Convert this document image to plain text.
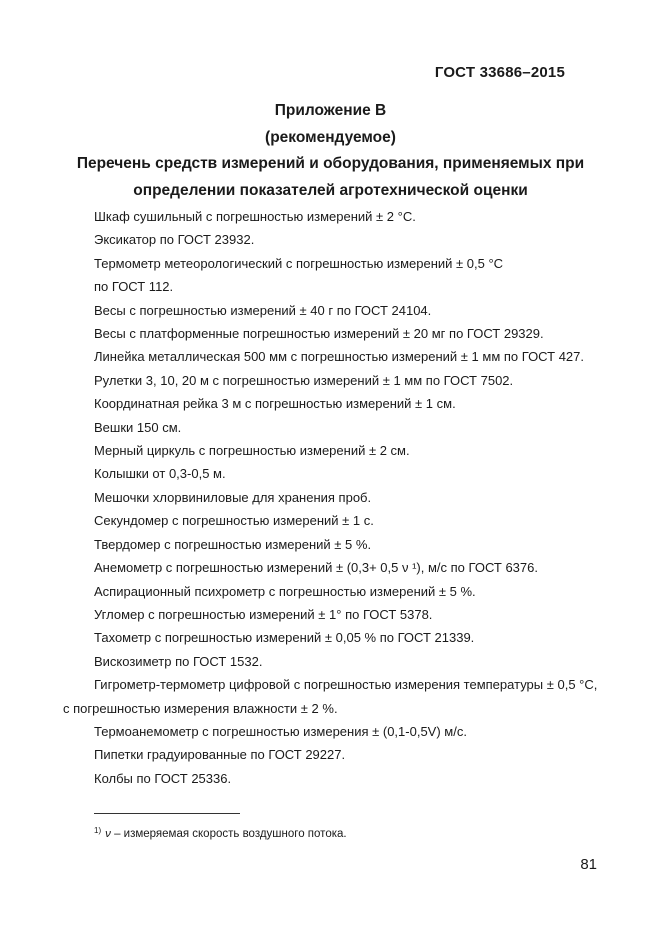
ГОСТ 33686–2015
Приложение В
(рекомендуемое)
Перечень средств измерений и оборудования, применяемых при
определении показателей агротехнической оценки
Шкаф сушильный с погрешностью измерений ± 2 °С.
Эксикатор по ГОСТ 23932.
Термометр метеорологический с погрешностью измерений ± 0,5 °С
по ГОСТ 112.
Весы с погрешностью измерений ± 40 г по ГОСТ 24104.
Весы с платформенные погрешностью измерений ± 20 мг по ГОСТ 29329.
Линейка металлическая 500 мм с погрешностью измерений ± 1 мм по ГОСТ 427.
Рулетки 3, 10, 20 м с погрешностью измерений ± 1 мм по ГОСТ 7502.
Координатная рейка 3 м с погрешностью измерений ± 1 см.
Вешки 150 см.
Мерный циркуль с погрешностью измерений ± 2 см.
Колышки от 0,3-0,5 м.
Мешочки хлорвиниловые для хранения проб.
Секундомер с погрешностью измерений ± 1 с.
Твердомер с погрешностью измерений ± 5 %.
Анемометр с погрешностью измерений ± (0,3+ 0,5 ν ¹), м/с по ГОСТ 6376.
Аспирационный психрометр с погрешностью измерений ± 5 %.
Угломер с погрешностью измерений ± 1° по ГОСТ 5378.
Тахометр с погрешностью измерений ± 0,05 % по ГОСТ 21339.
Вискозиметр по ГОСТ 1532.
Гигрометр-термометр цифровой с погрешностью измерения температуры ± 0,5 °С,
с погрешностью измерения влажности ± 2 %.
Термоанемометр с погрешностью измерения ± (0,1-0,5V) м/с.
Пипетки градуированные по ГОСТ 29227.
Колбы по ГОСТ 25336.
$^{1)}$ ν – измеряемая скорость воздушного потока.
81
